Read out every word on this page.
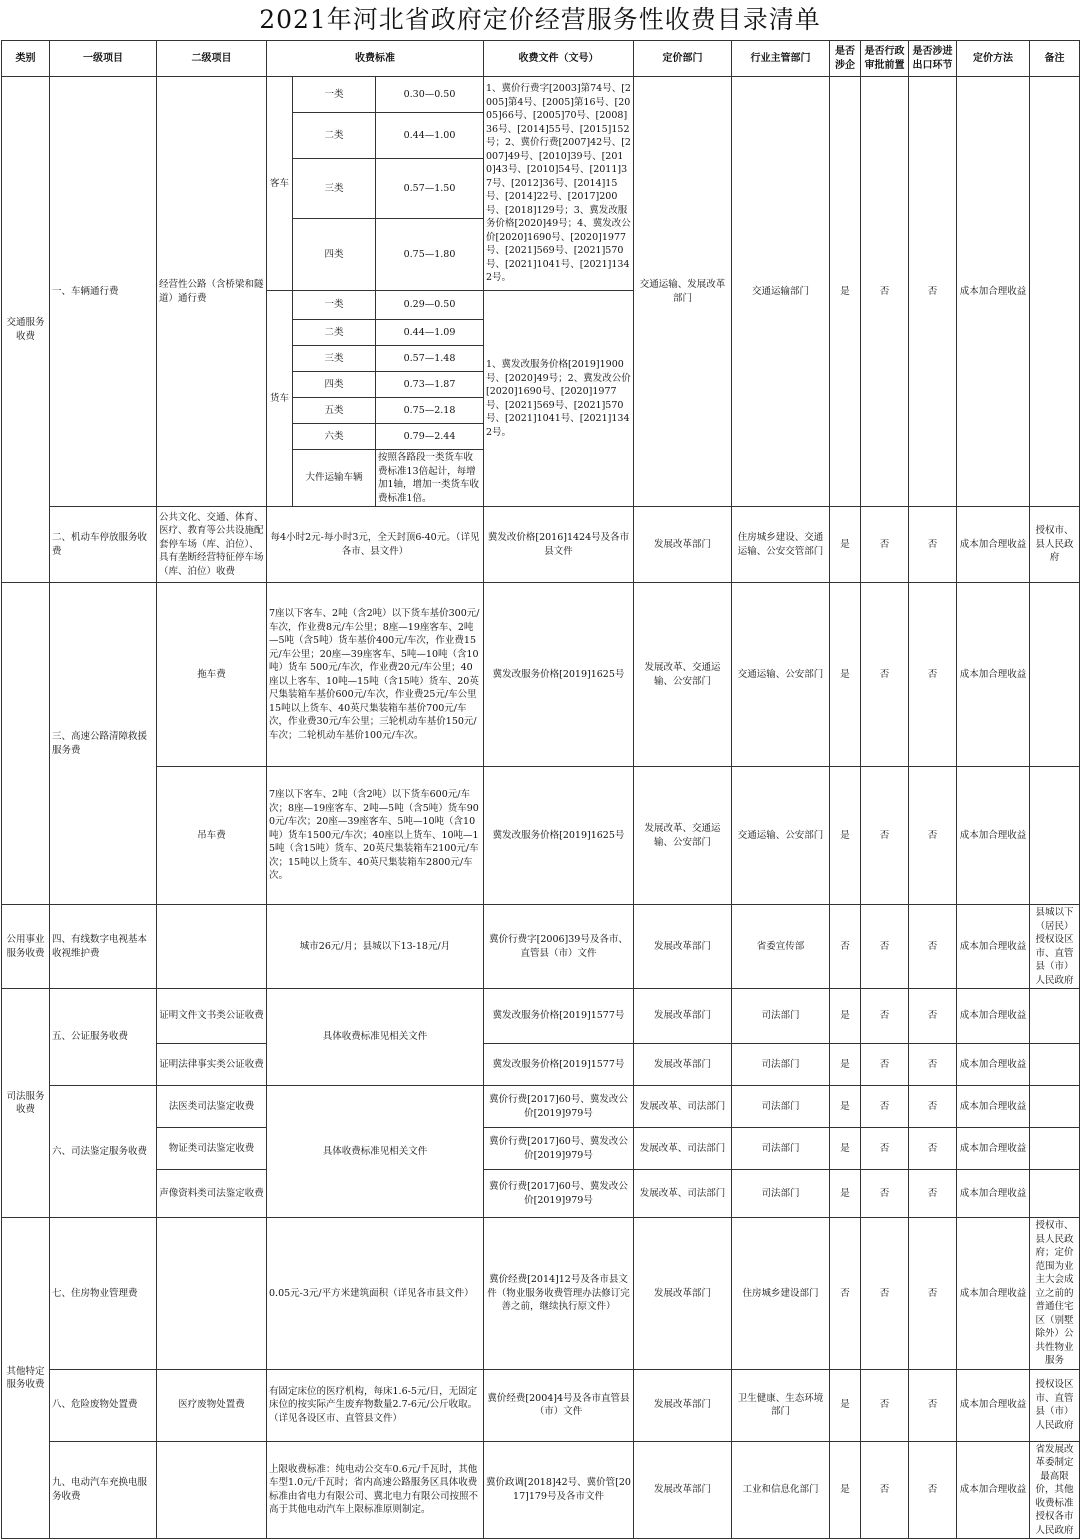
2021年河北省政府定价经营服务性收费目录清单
类别	一级项目	二级项目	收费标准			收费文件（文号）	定价部门	行业主管部门	是否涉企	是否行政审批前置	是否涉进出口环节	定价方法	备注
交通服务收费	一、车辆通行费	经营性公路（含桥梁和隧道）通行费	客车	一类	0.30—0.50	1、冀价行费字[2003]第74号、[2005]第4号、[2005]第16号、[2005]66号、[2005]70号、[2008]36号、[2014]55号、[2015]152号；2、冀价行费[2007]42号、[2007]49号、[2010]39号、[2010]43号、[2010]54号、[2011]37号、[2012]36号、[2014]15号、[2014]22号、[2017]200号、[2018]129号；3、冀发改服务价格[2020]49号；4、冀发改公价[2020]1690号、[2020]1977号、[2021]569号、[2021]570号、[2021]1041号、[2021]1342号。	交通运输、发展改革部门	交通运输部门	是	否	否	成本加合理收益	
				二类	0.44—1.00								
				三类	0.57—1.50								
				四类	0.75—1.80								
			货车	一类	0.29—0.50	1、冀发改服务价格[2019]1900号、[2020]49号；2、冀发改公价[2020]1690号、[2020]1977号、[2021]569号、[2021]570号、[2021]1041号、[2021]1342号。							
				二类	0.44—1.09								
				三类	0.57—1.48								
				四类	0.73—1.87								
				五类	0.75—2.18								
				六类	0.79—2.44								
				大件运输车辆	按照各路段一类货车收费标准13倍起计，每增加1轴，增加一类货车收费标准1倍。								

	二、机动车停放服务收费	公共文化、交通、体育、医疗、教育等公共设施配套停车场（库、泊位）、具有垄断经营特征停车场（库、泊位）收费	每4小时2元-每小时3元，全天封顶6-40元。（详见各市、县文件）			冀发改价格[2016]1424号及各市县文件	发展改革部门	住房城乡建设、交通运输、公安交管部门	是	否	否	成本加合理收益	授权市、县人民政府
	三、高速公路清障救援服务费	拖车费	7座以下客车、2吨（含2吨）以下货车基价300元/车次，作业费8元/车公里；8座—19座客车、2吨—5吨（含5吨）货车基价400元/车次，作业费15元/车公里；20座—39座客车、5吨—10吨（含10吨）货车 500元/车次，作业费20元/车公里；40座以上客车、10吨—15吨（含15吨）货车、20英尺集装箱车基价600元/车次，作业费25元/车公里15吨以上货车、40英尺集装箱车基价700元/车次，作业费30元/车公里；三轮机动车基价150元/车次；二轮机动车基价100元/车次。			冀发改服务价格[2019]1625号	发展改革、交通运输、公安部门	交通运输、公安部门	是	否	否	成本加合理收益	
		吊车费	7座以下客车、2吨（含2吨）以下货车600元/车次；8座—19座客车、2吨—5吨（含5吨）货车900元/车次；20座—39座客车、5吨—10吨（含10吨）货车1500元/车次；40座以上货车、10吨—15吨（含15吨）货车、20英尺集装箱车2100元/车次；15吨以上货车、40英尺集装箱车2800元/车次。			冀发改服务价格[2019]1625号	发展改革、交通运输、公安部门	交通运输、公安部门	是	否	否	成本加合理收益	
公用事业服务收费	四、有线数字电视基本收视维护费		城市26元/月；县城以下13-18元/月			冀价行费字[2006]39号及各市、直管县（市）文件	发展改革部门	省委宣传部	否	否	否	成本加合理收益	县城以下（居民）授权设区市、直管县（市）人民政府
司法服务收费	五、公证服务收费	证明文件文书类公证收费	具体收费标准见相关文件			冀发改服务价格[2019]1577号	发展改革部门	司法部门	是	否	否	成本加合理收益	
		证明法律事实类公证收费				冀发改服务价格[2019]1577号	发展改革部门	司法部门	是	否	否	成本加合理收益	
	六、司法鉴定服务收费	法医类司法鉴定收费	具体收费标准见相关文件			冀价行费[2017]60号、冀发改公价[2019]979号	发展改革、司法部门	司法部门	是	否	否	成本加合理收益	
		物证类司法鉴定收费				冀价行费[2017]60号、冀发改公价[2019]979号	发展改革、司法部门	司法部门	是	否	否	成本加合理收益	
		声像资料类司法鉴定收费				冀价行费[2017]60号、冀发改公价[2019]979号	发展改革、司法部门	司法部门	是	否	否	成本加合理收益	
其他特定服务收费	七、住房物业管理费		0.05元-3元/平方米建筑面积（详见各市县文件）			冀价经费[2014]12号及各市县文件（物业服务收费管理办法修订完善之前，继续执行原文件）	发展改革部门	住房城乡建设部门	否	否	否	成本加合理收益	授权市、县人民政府；定价范围为业主大会成立之前的普通住宅区（别墅除外）公共性物业服务
	八、危险废物处置费	医疗废物处置费	有固定床位的医疗机构，每床1.6-5元/日，无固定床位的按实际产生废弃物数量2.7-6元/公斤收取。（详见各设区市、直管县文件）			冀价经费[2004]4号及各市直管县（市）文件	发展改革部门	卫生健康、生态环境部门	是	否	否	成本加合理收益	授权设区市、直管县（市）人民政府
	九、电动汽车充换电服务收费		上限收费标准：纯电动公交车0.6元/千瓦时，其他车型1.0元/千瓦时；省内高速公路服务区具体收费标准由省电力有限公司、冀北电力有限公司按照不高于其他电动汽车上限标准原则制定。			冀价政调[2018]42号、冀价管[2017]179号及各市文件	发展改革部门	工业和信息化部门	是	否	否	成本加合理收益	省发展改革委制定最高限价，其他收费标准授权各市人民政府
